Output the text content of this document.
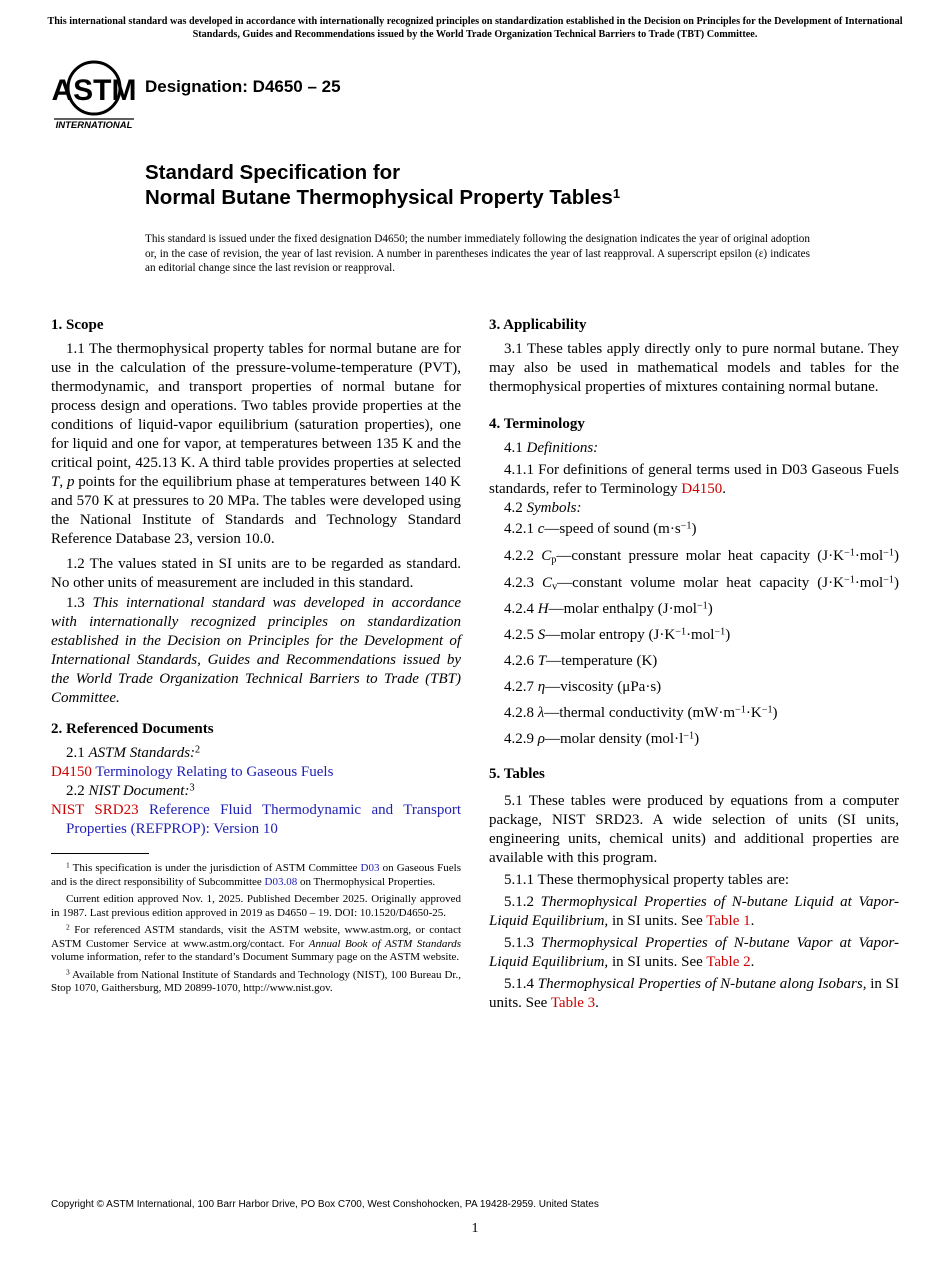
This international standard was developed in accordance with internationally recognized principles on standardization established in the Decision on Principles for the Development of International Standards, Guides and Recommendations issued by the World Trade Organization Technical Barriers to Trade (TBT) Committee.
ASTM
INTERNATIONAL
Designation: D4650 – 25
Standard Specification for
Normal Butane Thermophysical Property Tables$^1$
This standard is issued under the fixed designation D4650; the number immediately following the designation indicates the year of original adoption or, in the case of revision, the year of last revision. A number in parentheses indicates the year of last reapproval. A superscript epsilon (ε) indicates an editorial change since the last revision or reapproval.
1. Scope

1.1 The thermophysical property tables for normal butane are for use in the calculation of the pressure-volume-temperature (PVT), thermodynamic, and transport properties of normal butane for process design and operations. Two tables provide properties at the conditions of liquid-vapor equilibrium (saturation properties), one for liquid and one for vapor, at temperatures between 135 K and the critical point, 425.13 K. A third table provides properties at selected T, p points for the equilibrium phase at temperatures between 140 K and 570 K at pressures to 20 MPa. The tables were developed using the National Institute of Standards and Technology Standard Reference Database 23, version 10.0.

1.2 The values stated in SI units are to be regarded as standard. No other units of measurement are included in this standard.

1.3 This international standard was developed in accordance with internationally recognized principles on standardization established in the Decision on Principles for the Development of International Standards, Guides and Recommendations issued by the World Trade Organization Technical Barriers to Trade (TBT) Committee.

2. Referenced Documents

2.1 ASTM Standards:$^2$

D4150 Terminology Relating to Gaseous Fuels

2.2 NIST Document:$^3$

NIST SRD23 Reference Fluid Thermodynamic and Transport Properties (REFPROP): Version 10

$^1$ This specification is under the jurisdiction of ASTM Committee D03 on Gaseous Fuels and is the direct responsibility of Subcommittee D03.08 on Thermophysical Properties.

Current edition approved Nov. 1, 2025. Published December 2025. Originally approved in 1987. Last previous edition approved in 2019 as D4650 – 19. DOI: 10.1520/D4650-25.

$^2$ For referenced ASTM standards, visit the ASTM website, www.astm.org, or contact ASTM Customer Service at www.astm.org/contact. For Annual Book of ASTM Standards volume information, refer to the standard’s Document Summary page on the ASTM website.

$^3$ Available from National Institute of Standards and Technology (NIST), 100 Bureau Dr., Stop 1070, Gaithersburg, MD 20899-1070, http://www.nist.gov.

3. Applicability

3.1 These tables apply directly only to pure normal butane. They may also be used in mathematical models and tables for the thermophysical properties of mixtures containing normal butane.

4. Terminology

4.1 Definitions:

4.1.1 For definitions of general terms used in D03 Gaseous Fuels standards, refer to Terminology D4150.

4.2 Symbols:

4.2.1 c—speed of sound $(m\cdot s^{-1})$

4.2.2 $C_p—constant$ pressure molar heat capacity $(J\cdot K^{-1}\cdot mol^{-1})$

4.2.3 $C_v—constant$ volume molar heat capacity $(J\cdot K^{-1}\cdot mol^{-1})$

4.2.4 H—molar enthalpy (J·mol$^{-1}$)

4.2.5 S—molar entropy $(J\cdot K^{-1}\cdot mol^{-1})$

4.2.6 T—temperature (K)

4.2.7 η—viscosity (μPa·s)

4.2.8 λ—thermal conductivity $(mW\cdot m^{-1}\cdot K^{-1})$

4.2.9 ρ—molar density $(mol\cdot l^{-1})$

5. Tables

5.1 These tables were produced by equations from a computer package, NIST SRD23. A wide selection of units (SI units, engineering units, chemical units) and additional properties are available with this program.

5.1.1 These thermophysical property tables are:

5.1.2 Thermophysical Properties of N-butane Liquid at Vapor-Liquid Equilibrium, in SI units. See Table 1.

5.1.3 Thermophysical Properties of N-butane Vapor at Vapor-Liquid Equilibrium, in SI units. See Table 2.

5.1.4 Thermophysical Properties of N-butane along Isobars, in SI units. See Table 3.

Copyright © ASTM International, 100 Barr Harbor Drive, PO Box C700, West Conshohocken, PA 19428-2959. United States
1
